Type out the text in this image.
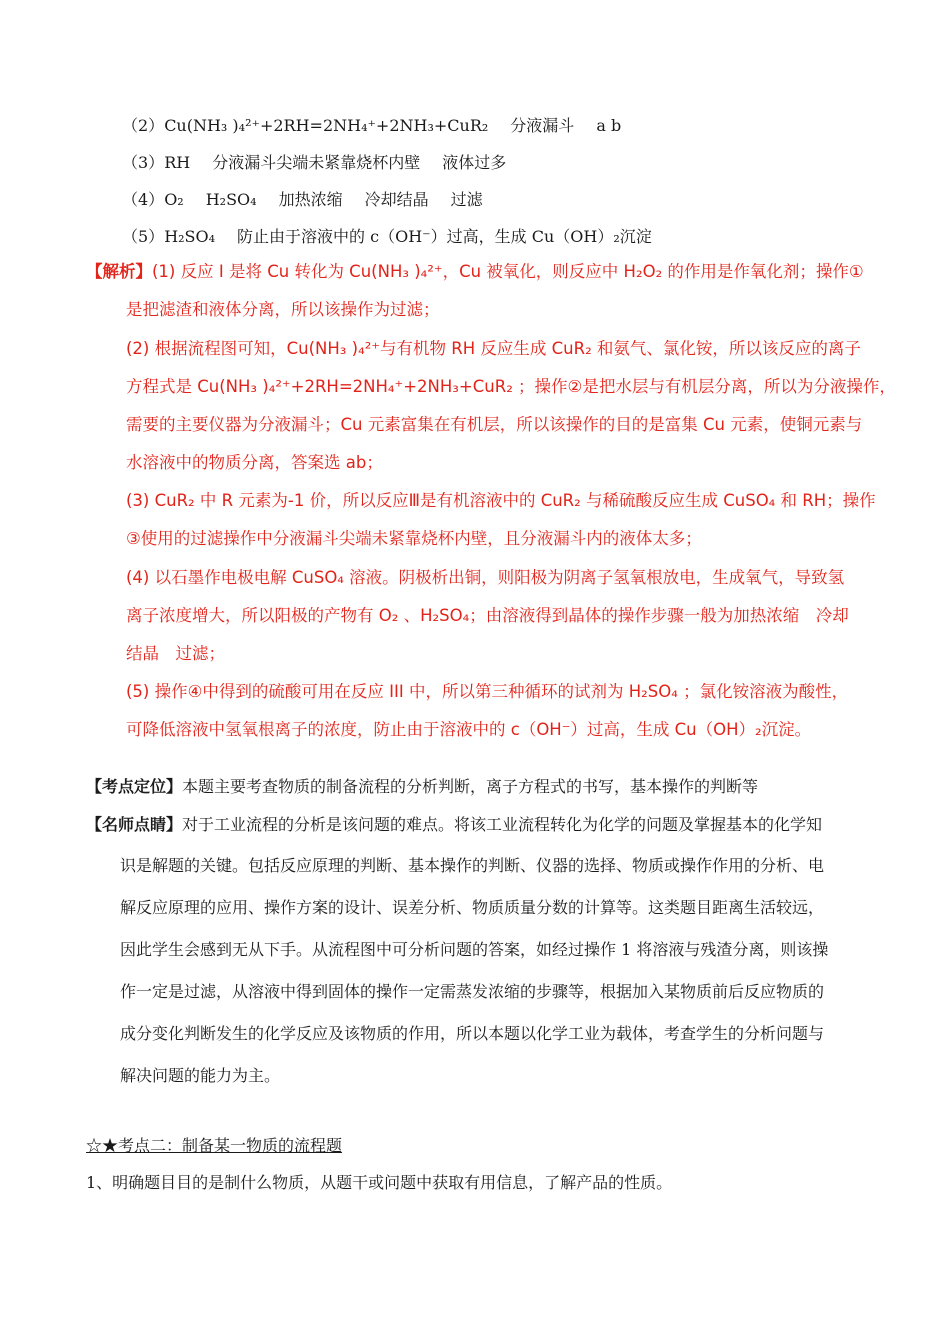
（2）Cu(NH₃ )₄²⁺+2RH=2NH₄⁺+2NH₃+CuR₂ 分液漏斗 a b
（3）RH 分液漏斗尖端未紧靠烧杯内壁 液体过多
（4）O₂ H₂SO₄ 加热浓缩 冷却结晶 过滤
（5）H₂SO₄ 防止由于溶液中的 c（OH⁻）过高，生成 Cu（OH）₂沉淀
【解析】(1) 反应 I 是将 Cu 转化为 Cu(NH₃ )₄²⁺，Cu 被氧化，则反应中 H₂O₂ 的作用是作氧化剂；操作①
是把滤渣和液体分离，所以该操作为过滤；
(2) 根据流程图可知，Cu(NH₃ )₄²⁺与有机物 RH 反应生成 CuR₂ 和氨气、氯化铵，所以该反应的离子
方程式是 Cu(NH₃ )₄²⁺+2RH=2NH₄⁺+2NH₃+CuR₂ ；操作②是把水层与有机层分离，所以为分液操作，
需要的主要仪器为分液漏斗；Cu 元素富集在有机层，所以该操作的目的是富集 Cu 元素，使铜元素与
水溶液中的物质分离，答案选 ab；
(3) CuR₂ 中 R 元素为-1 价，所以反应Ⅲ是有机溶液中的 CuR₂ 与稀硫酸反应生成 CuSO₄ 和 RH；操作
③使用的过滤操作中分液漏斗尖端未紧靠烧杯内壁，且分液漏斗内的液体太多；
(4) 以石墨作电极电解 CuSO₄ 溶液。阴极析出铜，则阳极为阴离子氢氧根放电，生成氧气，导致氢
离子浓度增大，所以阳极的产物有 O₂ 、H₂SO₄；由溶液得到晶体的操作步骤一般为加热浓缩　冷却
结晶　过滤；
(5) 操作④中得到的硫酸可用在反应 III 中，所以第三种循环的试剂为 H₂SO₄ ；氯化铵溶液为酸性，
可降低溶液中氢氧根离子的浓度，防止由于溶液中的 c（OH⁻）过高，生成 Cu（OH）₂沉淀。
【考点定位】本题主要考查物质的制备流程的分析判断，离子方程式的书写，基本操作的判断等
【名师点睛】对于工业流程的分析是该问题的难点。将该工业流程转化为化学的问题及掌握基本的化学知
识是解题的关键。包括反应原理的判断、基本操作的判断、仪器的选择、物质或操作作用的分析、电
解反应原理的应用、操作方案的设计、误差分析、物质质量分数的计算等。这类题目距离生活较远，
因此学生会感到无从下手。从流程图中可分析问题的答案，如经过操作 1 将溶液与残渣分离，则该操
作一定是过滤，从溶液中得到固体的操作一定需蒸发浓缩的步骤等，根据加入某物质前后反应物质的
成分变化判断发生的化学反应及该物质的作用，所以本题以化学工业为载体，考查学生的分析问题与
解决问题的能力为主。
☆★考点二：制备某一物质的流程题
1、明确题目目的是制什么物质，从题干或问题中获取有用信息，了解产品的性质。
